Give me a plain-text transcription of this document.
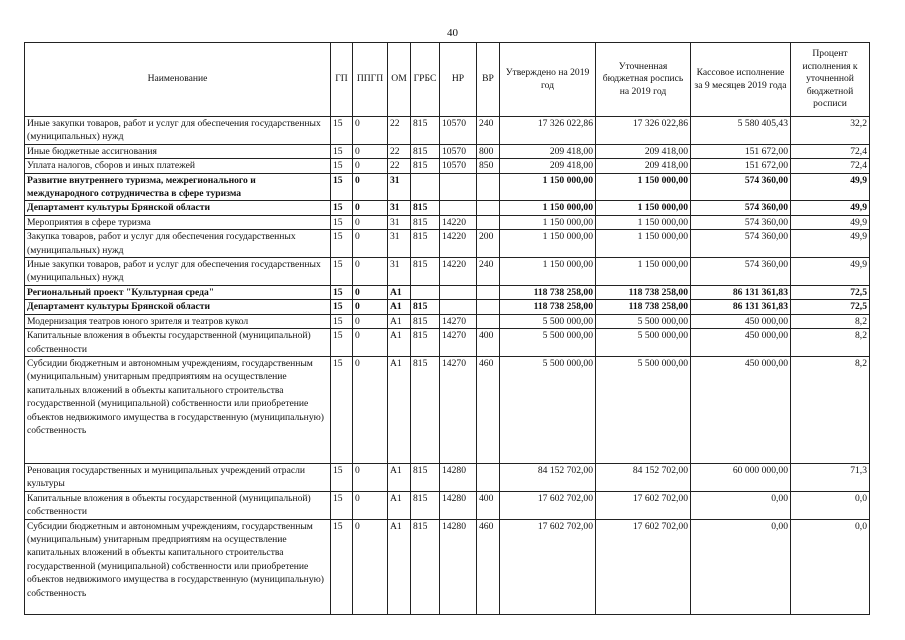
40
Наименование	ГП	ППГП	ОМ	ГРБС	НР	ВР	Утверждено на 2019 год	Уточненная бюджетная роспись на 2019 год	Кассовое исполнение за 9 месяцев 2019 года	Процент исполнения к уточненной бюджетной росписи
Иные закупки товаров, работ и услуг для обеспечения государственных (муниципальных) нужд	15	0	22	815	10570	240	17 326 022,86	17 326 022,86	5 580 405,43	32,2
Иные бюджетные ассигнования	15	0	22	815	10570	800	209 418,00	209 418,00	151 672,00	72,4
Уплата налогов, сборов и иных платежей	15	0	22	815	10570	850	209 418,00	209 418,00	151 672,00	72,4
Развитие внутреннего туризма, межрегионального и международного сотрудничества в сфере туризма	15	0	31				1 150 000,00	1 150 000,00	574 360,00	49,9
Департамент культуры Брянской области	15	0	31	815			1 150 000,00	1 150 000,00	574 360,00	49,9
Мероприятия в сфере туризма	15	0	31	815	14220		1 150 000,00	1 150 000,00	574 360,00	49,9
Закупка товаров, работ и услуг для обеспечения государственных (муниципальных) нужд	15	0	31	815	14220	200	1 150 000,00	1 150 000,00	574 360,00	49,9
Иные закупки товаров, работ и услуг для обеспечения государственных (муниципальных) нужд	15	0	31	815	14220	240	1 150 000,00	1 150 000,00	574 360,00	49,9
Региональный проект "Культурная среда"	15	0	A1				118 738 258,00	118 738 258,00	86 131 361,83	72,5
Департамент культуры Брянской области	15	0	A1	815			118 738 258,00	118 738 258,00	86 131 361,83	72,5
Модернизация театров юного зрителя и театров кукол	15	0	A1	815	14270		5 500 000,00	5 500 000,00	450 000,00	8,2
Капитальные вложения в объекты государственной (муниципальной) собственности	15	0	A1	815	14270	400	5 500 000,00	5 500 000,00	450 000,00	8,2
Субсидии бюджетным и автономным учреждениям, государственным (муниципальным) унитарным предприятиям на осуществление капитальных вложений в объекты капитального строительства государственной (муниципальной) собственности или приобретение объектов недвижимого имущества в государственную (муниципальную) собственность	15	0	A1	815	14270	460	5 500 000,00	5 500 000,00	450 000,00	8,2
Реновация государственных и муниципальных учреждений отрасли культуры	15	0	A1	815	14280		84 152 702,00	84 152 702,00	60 000 000,00	71,3
Капитальные вложения в объекты государственной (муниципальной) собственности	15	0	A1	815	14280	400	17 602 702,00	17 602 702,00	0,00	0,0
Субсидии бюджетным и автономным учреждениям, государственным (муниципальным) унитарным предприятиям на осуществление капитальных вложений в объекты капитального строительства государственной (муниципальной) собственности или приобретение объектов недвижимого имущества в государственную (муниципальную) собственность	15	0	A1	815	14280	460	17 602 702,00	17 602 702,00	0,00	0,0
